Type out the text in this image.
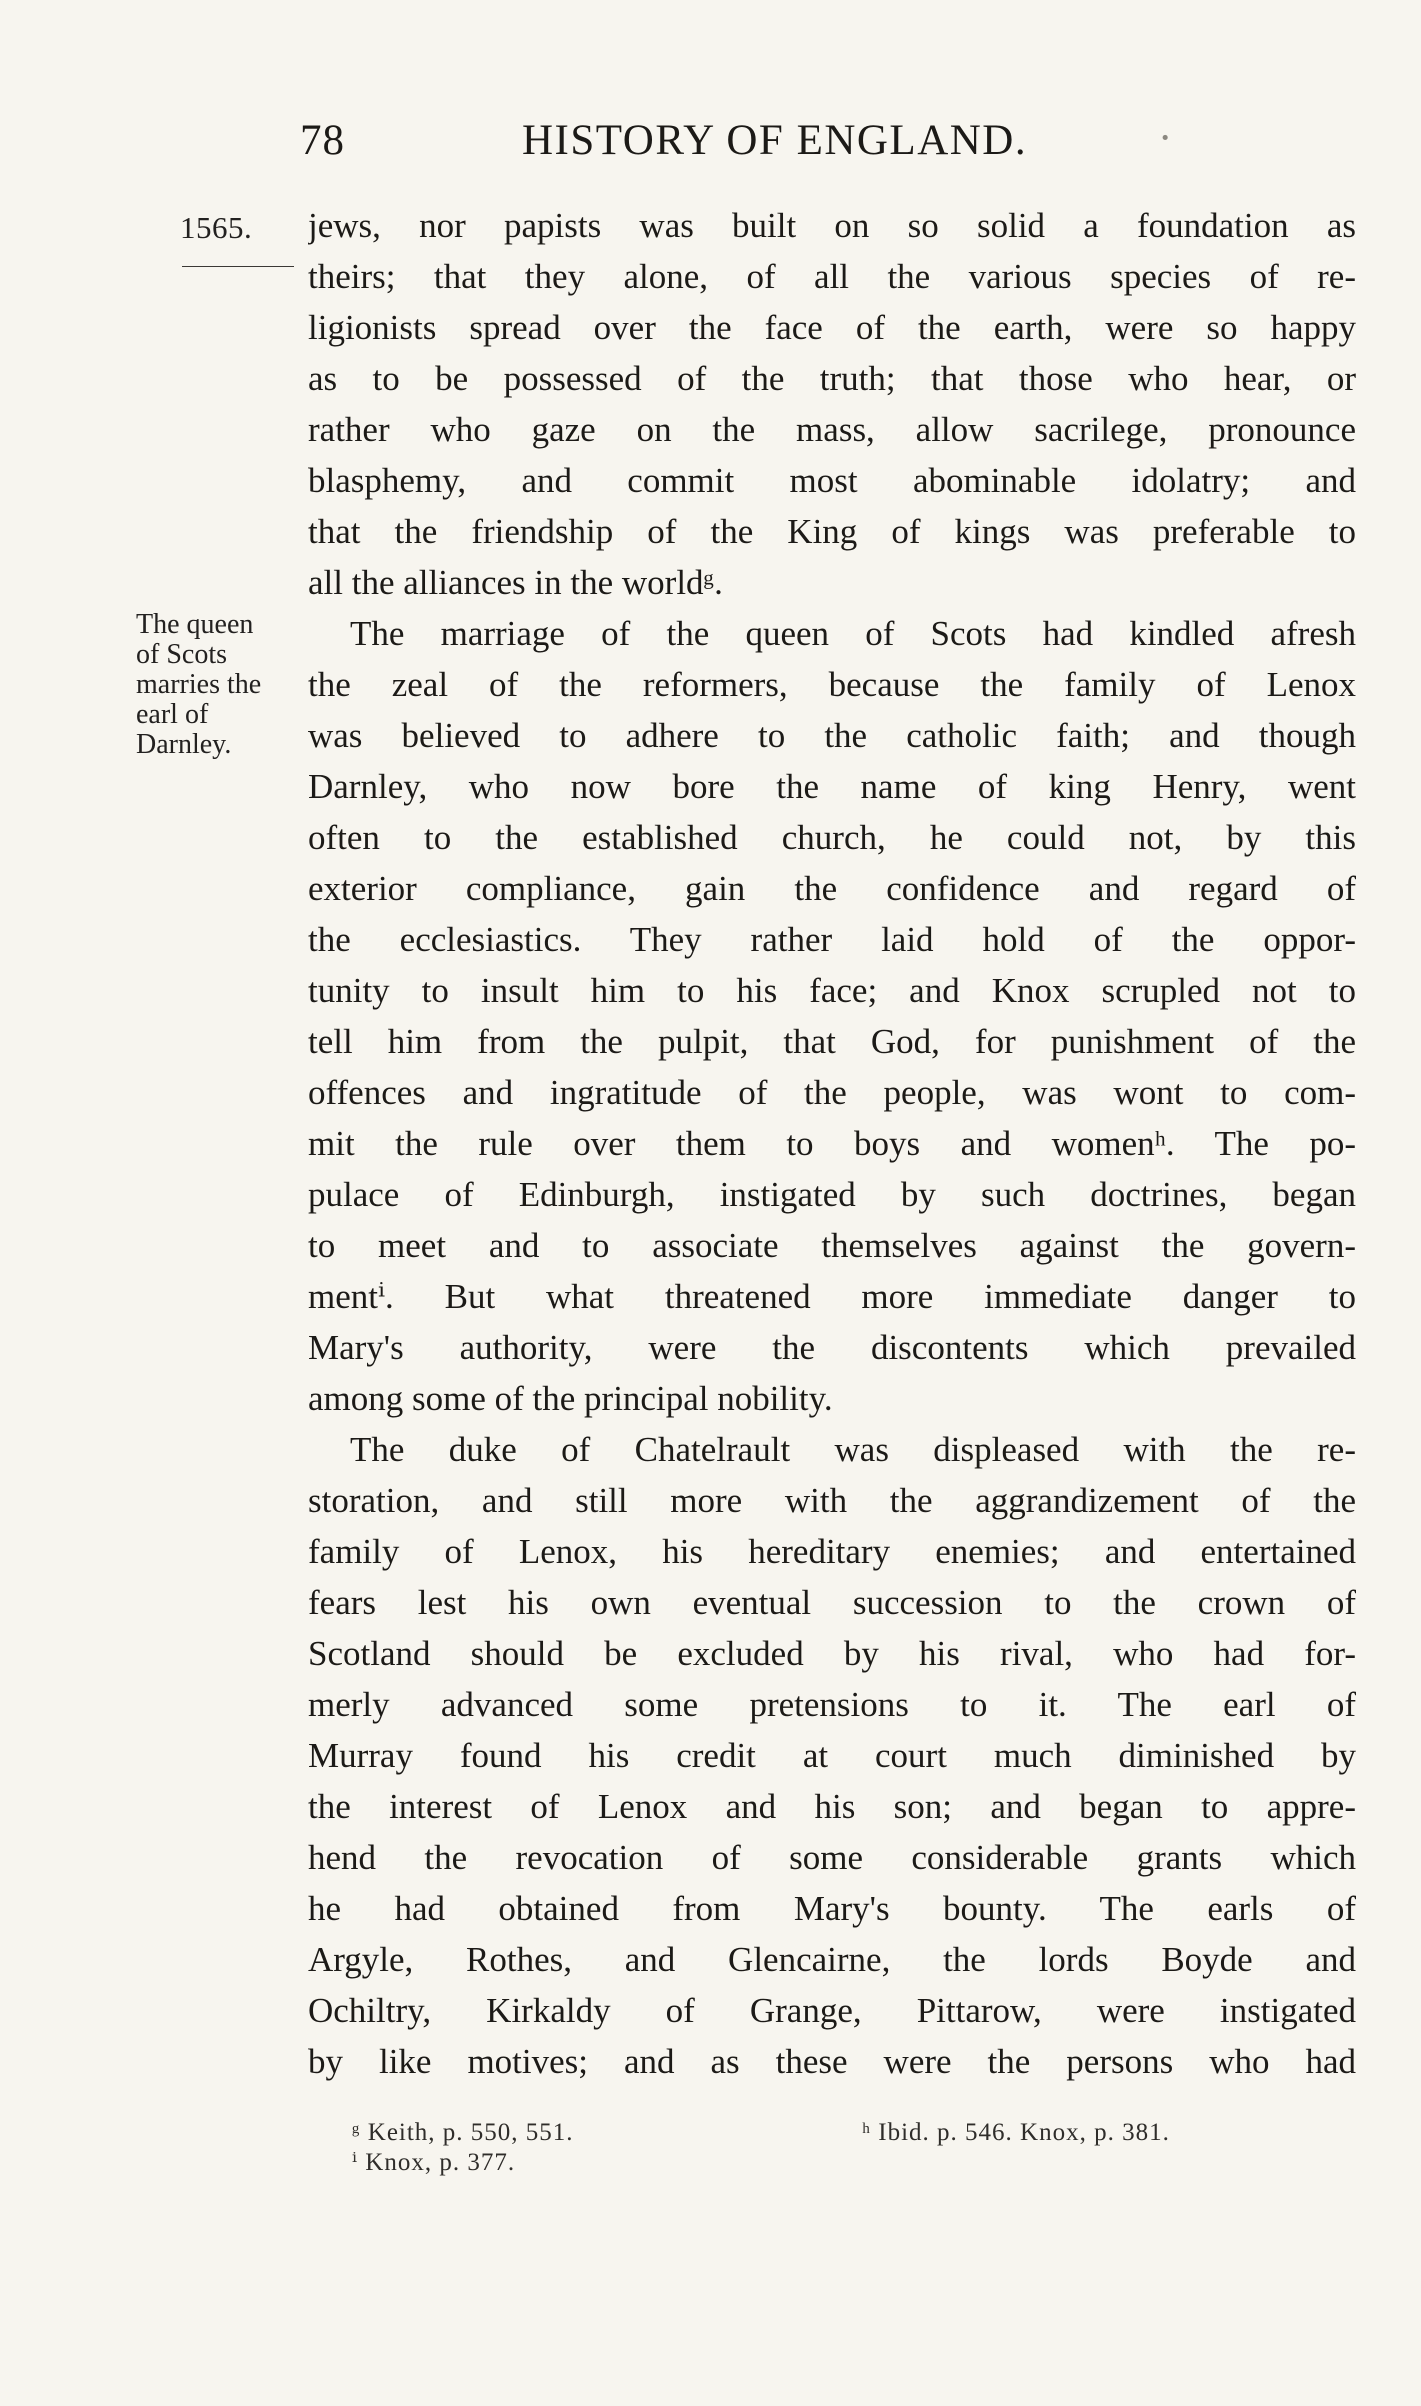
78	HISTORY OF ENGLAND.	·
1565.
The queen
of Scots
marries the
earl of
Darnley.
jews, nor papists was built on so solid a foundation as
theirs; that they alone, of all the various species of re-
ligionists spread over the face of the earth, were so happy
as to be possessed of the truth; that those who hear, or
rather who gaze on the mass, allow sacrilege, pronounce
blasphemy, and commit most abominable idolatry; and
that the friendship of the King of kings was preferable to
all the alliances in the worldᵍ.
The marriage of the queen of Scots had kindled afresh
the zeal of the reformers, because the family of Lenox
was believed to adhere to the catholic faith; and though
Darnley, who now bore the name of king Henry, went
often to the established church, he could not, by this
exterior compliance, gain the confidence and regard of
the ecclesiastics. They rather laid hold of the oppor-
tunity to insult him to his face; and Knox scrupled not to
tell him from the pulpit, that God, for punishment of the
offences and ingratitude of the people, was wont to com-
mit the rule over them to boys and womenʰ. The po-
pulace of Edinburgh, instigated by such doctrines, began
to meet and to associate themselves against the govern-
mentⁱ. But what threatened more immediate danger to
Mary's authority, were the discontents which prevailed
among some of the principal nobility.
The duke of Chatelrault was displeased with the re-
storation, and still more with the aggrandizement of the
family of Lenox, his hereditary enemies; and entertained
fears lest his own eventual succession to the crown of
Scotland should be excluded by his rival, who had for-
merly advanced some pretensions to it. The earl of
Murray found his credit at court much diminished by
the interest of Lenox and his son; and began to appre-
hend the revocation of some considerable grants which
he had obtained from Mary's bounty. The earls of
Argyle, Rothes, and Glencairne, the lords Boyde and
Ochiltry, Kirkaldy of Grange, Pittarow, were instigated
by like motives; and as these were the persons who had
ᵍ Keith, p. 550, 551.	ʰ Ibid. p. 546. Knox, p. 381.
ⁱ Knox, p. 377.
